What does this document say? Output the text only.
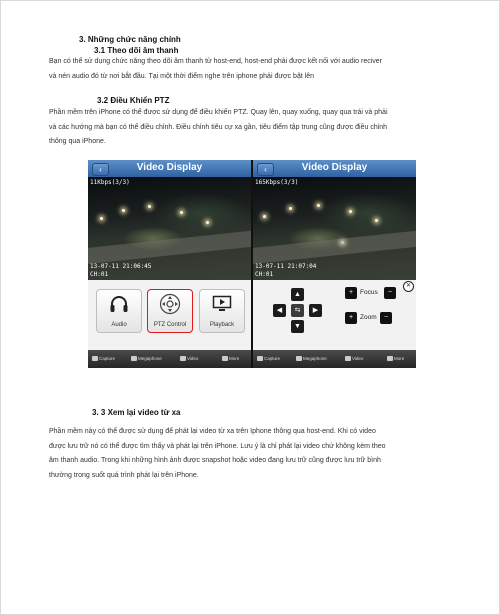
3. Những chức năng chính
3.1 Theo dõi âm thanh
Bạn có thể sử dụng chức năng theo dõi âm thanh từ host-end, host-end phải được kết nối với audio reciver
và nén audio đó từ nơi bắt đầu. Tại một thời điểm nghe trên iphone phải được bật lên
3.2 Điều Khiển PTZ
Phần mềm trên iPhone có thể được sử dụng để điều khiển PTZ. Quay lên, quay xuống, quay qua trái và phải
và các hướng mà bạn có thể điều chỉnh. Điều chỉnh tiêu cự xa gần, tiêu điểm tập trung cũng được điều chỉnh
thông qua iPhone.
‹	Video Display
11Kbps(3/3)
13-07-11 21:06:45
CH:01
Audio	PTZ Control	Playback
Capture	Megaphone	Video	More
‹	Video Display
165Kbps(3/3)
13-07-11 21:07:04
CH:01
▲
◀	⇆	▶
▼
+	Focus	−
✕
+	Zoom	−
Capture	Megaphone	Video	More
3. 3 Xem lại video từ xa
Phần mềm này có thể được sử dụng để phát lại video từ xa trên Iphone thông qua host-end. Khi có video
được lưu trữ nó có thể được tìm thấy và phát lại trên iPhone. Lưu ý là chỉ phát lại video chứ không kèm theo
âm thanh audio. Trong khi những hình ảnh được snapshot hoặc video đang lưu trữ cũng được lưu trữ bình
thường trong suốt quá trình phát lại trên iPhone.
